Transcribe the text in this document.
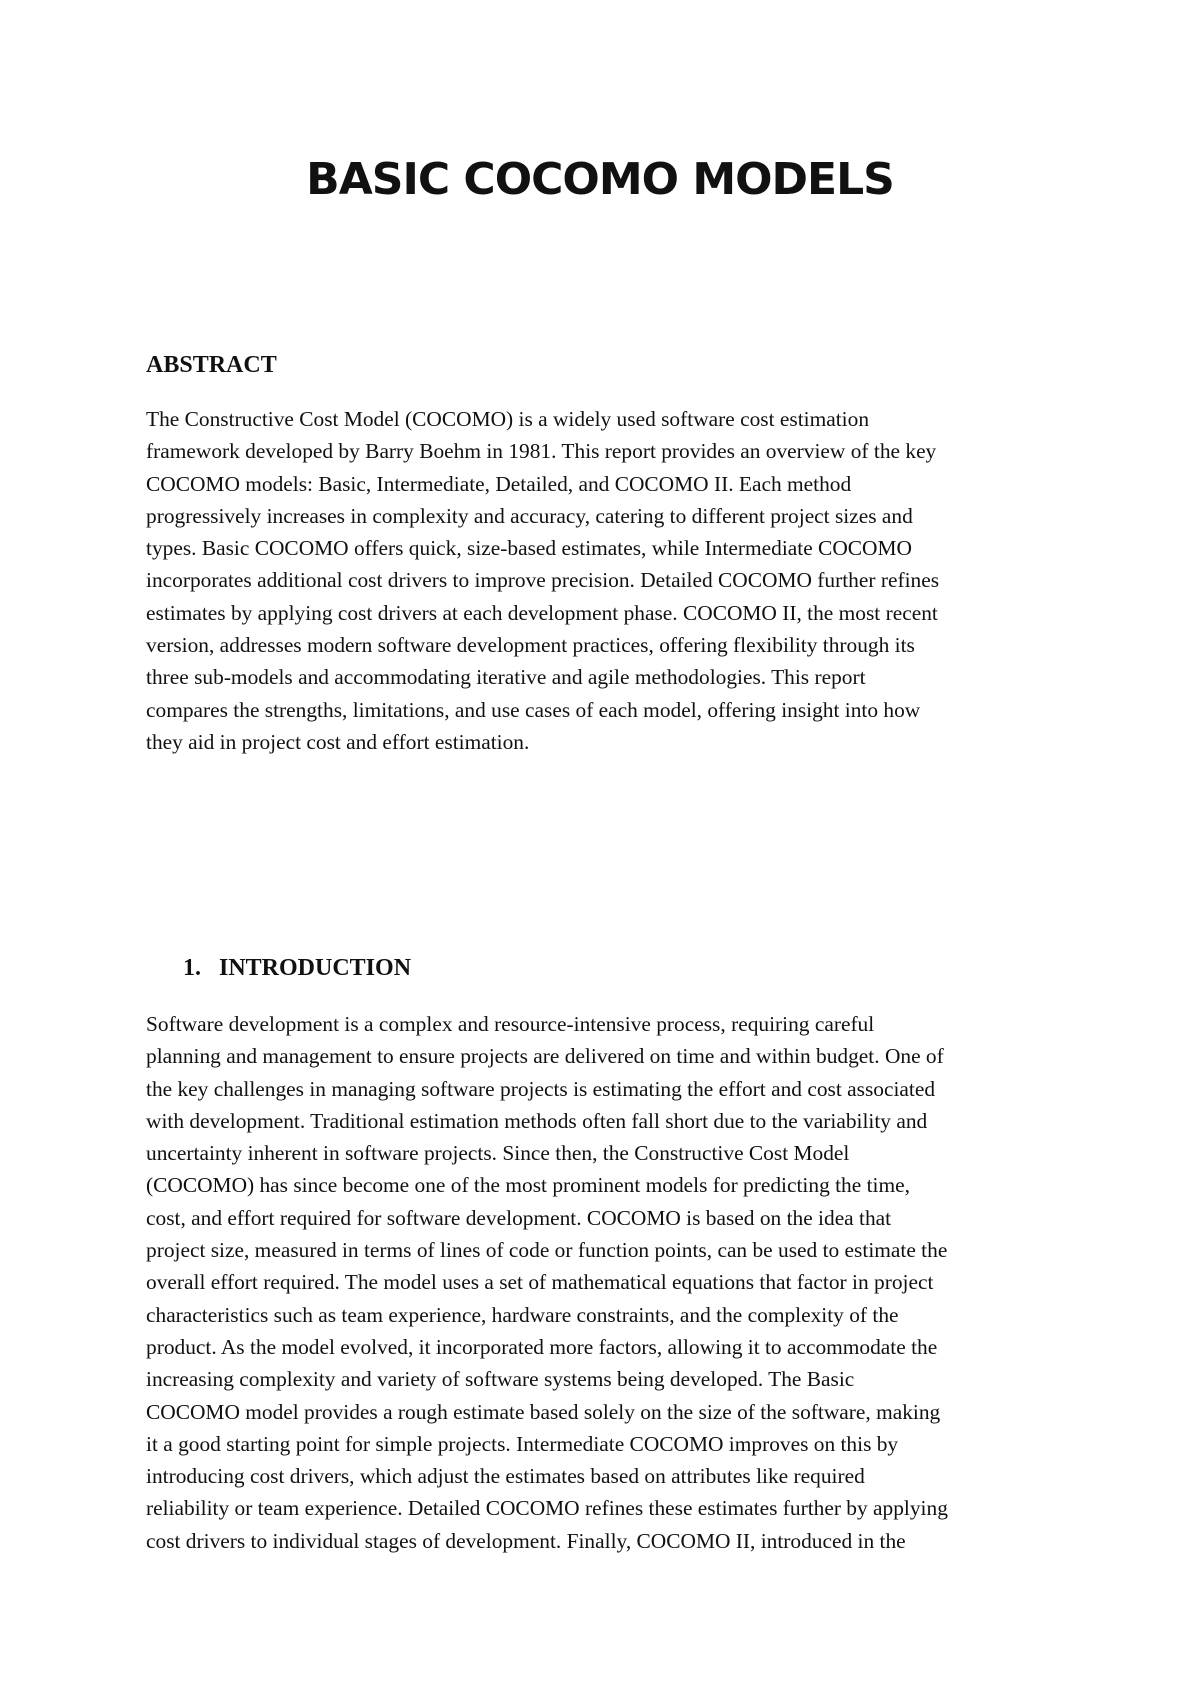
BASIC COCOMO MODELS
ABSTRACT

The Constructive Cost Model (COCOMO) is a widely used software cost estimation
framework developed by Barry Boehm in 1981. This report provides an overview of the key
COCOMO models: Basic, Intermediate, Detailed, and COCOMO II. Each method
progressively increases in complexity and accuracy, catering to different project sizes and
types. Basic COCOMO offers quick, size-based estimates, while Intermediate COCOMO
incorporates additional cost drivers to improve precision. Detailed COCOMO further refines
estimates by applying cost drivers at each development phase. COCOMO II, the most recent
version, addresses modern software development practices, offering flexibility through its
three sub-models and accommodating iterative and agile methodologies. This report
compares the strengths, limitations, and use cases of each model, offering insight into how
they aid in project cost and effort estimation.

1. INTRODUCTION

Software development is a complex and resource-intensive process, requiring careful
planning and management to ensure projects are delivered on time and within budget. One of
the key challenges in managing software projects is estimating the effort and cost associated
with development. Traditional estimation methods often fall short due to the variability and
uncertainty inherent in software projects. Since then, the Constructive Cost Model
(COCOMO) has since become one of the most prominent models for predicting the time,
cost, and effort required for software development. COCOMO is based on the idea that
project size, measured in terms of lines of code or function points, can be used to estimate the
overall effort required. The model uses a set of mathematical equations that factor in project
characteristics such as team experience, hardware constraints, and the complexity of the
product. As the model evolved, it incorporated more factors, allowing it to accommodate the
increasing complexity and variety of software systems being developed. The Basic
COCOMO model provides a rough estimate based solely on the size of the software, making
it a good starting point for simple projects. Intermediate COCOMO improves on this by
introducing cost drivers, which adjust the estimates based on attributes like required
reliability or team experience. Detailed COCOMO refines these estimates further by applying
cost drivers to individual stages of development. Finally, COCOMO II, introduced in the
